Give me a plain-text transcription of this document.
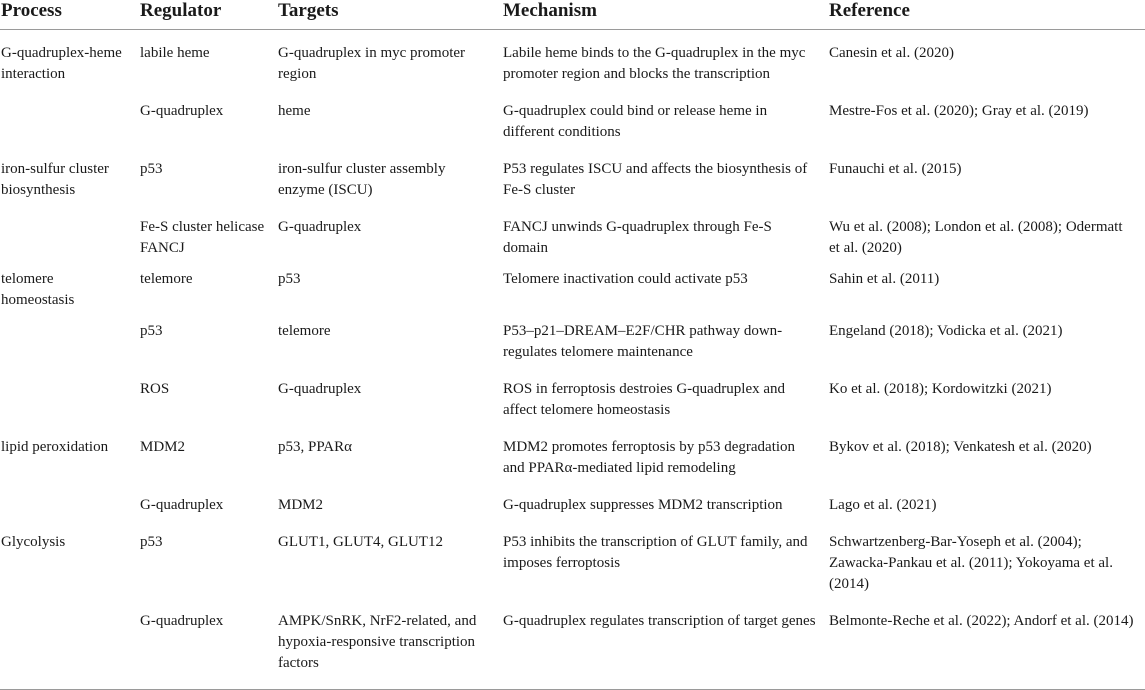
Process	Regulator	Targets	Mechanism	Reference
G-quadruplex-heme interaction	labile heme	G-quadruplex in myc promoter region	Labile heme binds to the G-quadruplex in the myc promoter region and blocks the transcription	Canesin et al. (2020)
	G-quadruplex	heme	G-quadruplex could bind or release heme in different conditions	Mestre-Fos et al. (2020); Gray et al. (2019)
iron-sulfur cluster biosynthesis	p53	iron-sulfur cluster assembly enzyme (ISCU)	P53 regulates ISCU and affects the biosynthesis of Fe-S cluster	Funauchi et al. (2015)
	Fe-S cluster helicase FANCJ	G-quadruplex	FANCJ unwinds G-quadruplex through Fe-S domain	Wu et al. (2008); London et al. (2008); Odermatt et al. (2020)
telomere homeostasis	telemore	p53	Telomere inactivation could activate p53	Sahin et al. (2011)
	p53	telemore	P53–p21–DREAM–E2F/CHR pathway down-regulates telomere maintenance	Engeland (2018); Vodicka et al. (2021)
	ROS	G-quadruplex	ROS in ferroptosis destroies G-quadruplex and affect telomere homeostasis	Ko et al. (2018); Kordowitzki (2021)
lipid peroxidation	MDM2	p53, PPARα	MDM2 promotes ferroptosis by p53 degradation and PPARα-mediated lipid remodeling	Bykov et al. (2018); Venkatesh et al. (2020)
	G-quadruplex	MDM2	G-quadruplex suppresses MDM2 transcription	Lago et al. (2021)
Glycolysis	p53	GLUT1, GLUT4, GLUT12	P53 inhibits the transcription of GLUT family, and imposes ferroptosis	Schwartzenberg-Bar-Yoseph et al. (2004); Zawacka-Pankau et al. (2011); Yokoyama et al. (2014)
	G-quadruplex	AMPK/SnRK, NrF2-related, and hypoxia-responsive transcription factors	G-quadruplex regulates transcription of target genes	Belmonte-Reche et al. (2022); Andorf et al. (2014)
